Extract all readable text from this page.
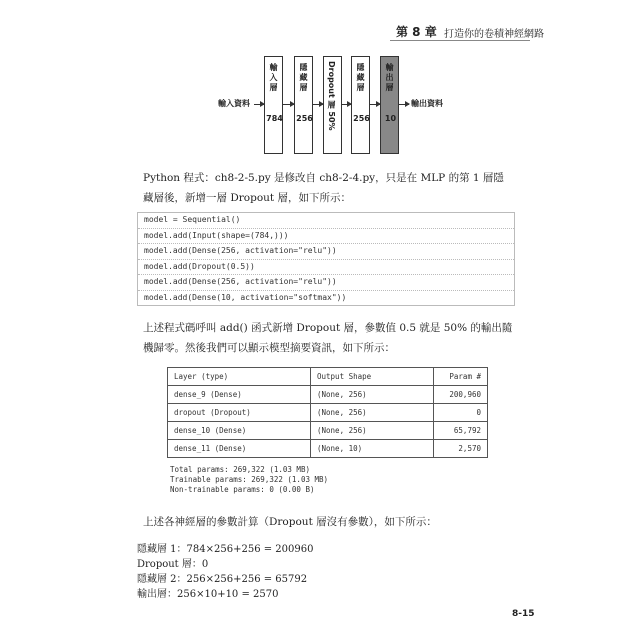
第 8 章 打造你的卷積神經網路
輸入資料
輸
入
層
784
隱
藏
層
256	Dropout 層 50%	隱
藏
層
256
輸
出
層
10
輸出資料
Python 程式：ch8-2-5.py 是修改自 ch8-2-4.py，只是在 MLP 的第 1 層隱藏層後，新增一層 Dropout 層，如下所示：
model = Sequential()
model.add(Input(shape=(784,)))
model.add(Dense(256, activation="relu"))
model.add(Dropout(0.5))
model.add(Dense(256, activation="relu"))
model.add(Dense(10, activation="softmax"))
上述程式碼呼叫 add() 函式新增 Dropout 層，參數值 0.5 就是 50% 的輸出隨機歸零。然後我們可以顯示模型摘要資訊，如下所示：
Layer (type)	Output Shape	Param #
dense_9 (Dense)	(None, 256)	200,960
dropout (Dropout)	(None, 256)	0
dense_10 (Dense)	(None, 256)	65,792
dense_11 (Dense)	(None, 10)	2,570
Total params: 269,322 (1.03 MB)
Trainable params: 269,322 (1.03 MB)
Non-trainable params: 0 (0.00 B)
上述各神經層的參數計算（Dropout 層沒有參數），如下所示：
隱藏層 1：784×256+256 = 200960
Dropout 層：0
隱藏層 2：256×256+256 = 65792
輸出層：256×10+10 = 2570
8-15
